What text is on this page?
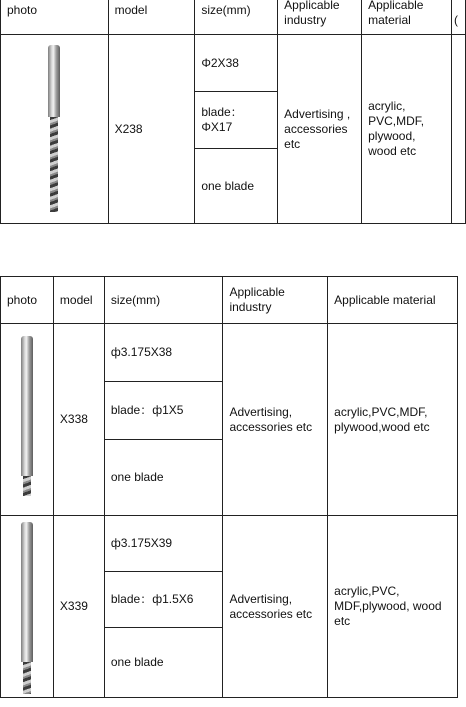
photo	model	size(mm)	Applicable industry	Applicable material	(

	X238	Φ2X38	Advertising , accessories etc	acrylic, PVC,MDF, plywood, wood etc	
		blade：ΦX17			
		one blade			
photo	model	size(mm)	Applicable industry	Applicable material

	X338	ф3.175X38	Advertising, accessories etc	acrylic,PVC,MDF, plywood,wood etc
		blade：ф1X5		
		one blade		

	X339	ф3.175X39	Advertising, accessories etc	acrylic,PVC, MDF,plywood, wood etc
		blade：ф1.5X6		
		one blade		
